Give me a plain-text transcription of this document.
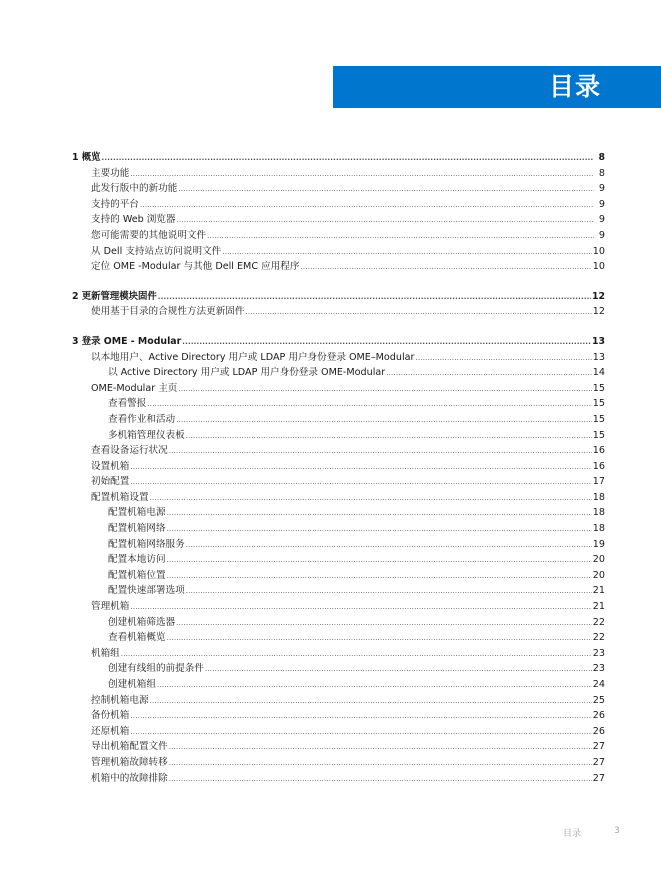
目录
1 概览 .....	8
主要功能 .....	8
此发行版中的新功能 .....	9
支持的平台 .....	9
支持的 Web 浏览器 .....	9
您可能需要的其他说明文件 .....	9
从 Dell 支持站点访问说明文件 .....	10
定位 OME -Modular 与其他 Dell EMC 应用程序 .....	10
2 更新管理模块固件 .....	12
使用基于目录的合规性方法更新固件 .....	12
3 登录 OME - Modular .....	13
以本地用户、Active Directory 用户或 LDAP 用户身份登录 OME–Modular .....	13
以 Active Directory 用户或 LDAP 用户身份登录 OME-Modular .....	14
OME-Modular 主页 .....	15
查看警报 .....	15
查看作业和活动 .....	15
多机箱管理仪表板 .....	15
查看设备运行状况 .....	16
设置机箱 .....	16
初始配置 .....	17
配置机箱设置 .....	18
配置机箱电源 .....	18
配置机箱网络 .....	18
配置机箱网络服务 .....	19
配置本地访问 .....	20
配置机箱位置 .....	20
配置快速部署选项 .....	21
管理机箱 .....	21
创建机箱筛选器 .....	22
查看机箱概览 .....	22
机箱组 .....	23
创建有线组的前提条件 .....	23
创建机箱组 .....	24
控制机箱电源 .....	25
备份机箱 .....	26
还原机箱 .....	26
导出机箱配置文件 .....	27
管理机箱故障转移 .....	27
机箱中的故障排除 .....	27
目录	3
